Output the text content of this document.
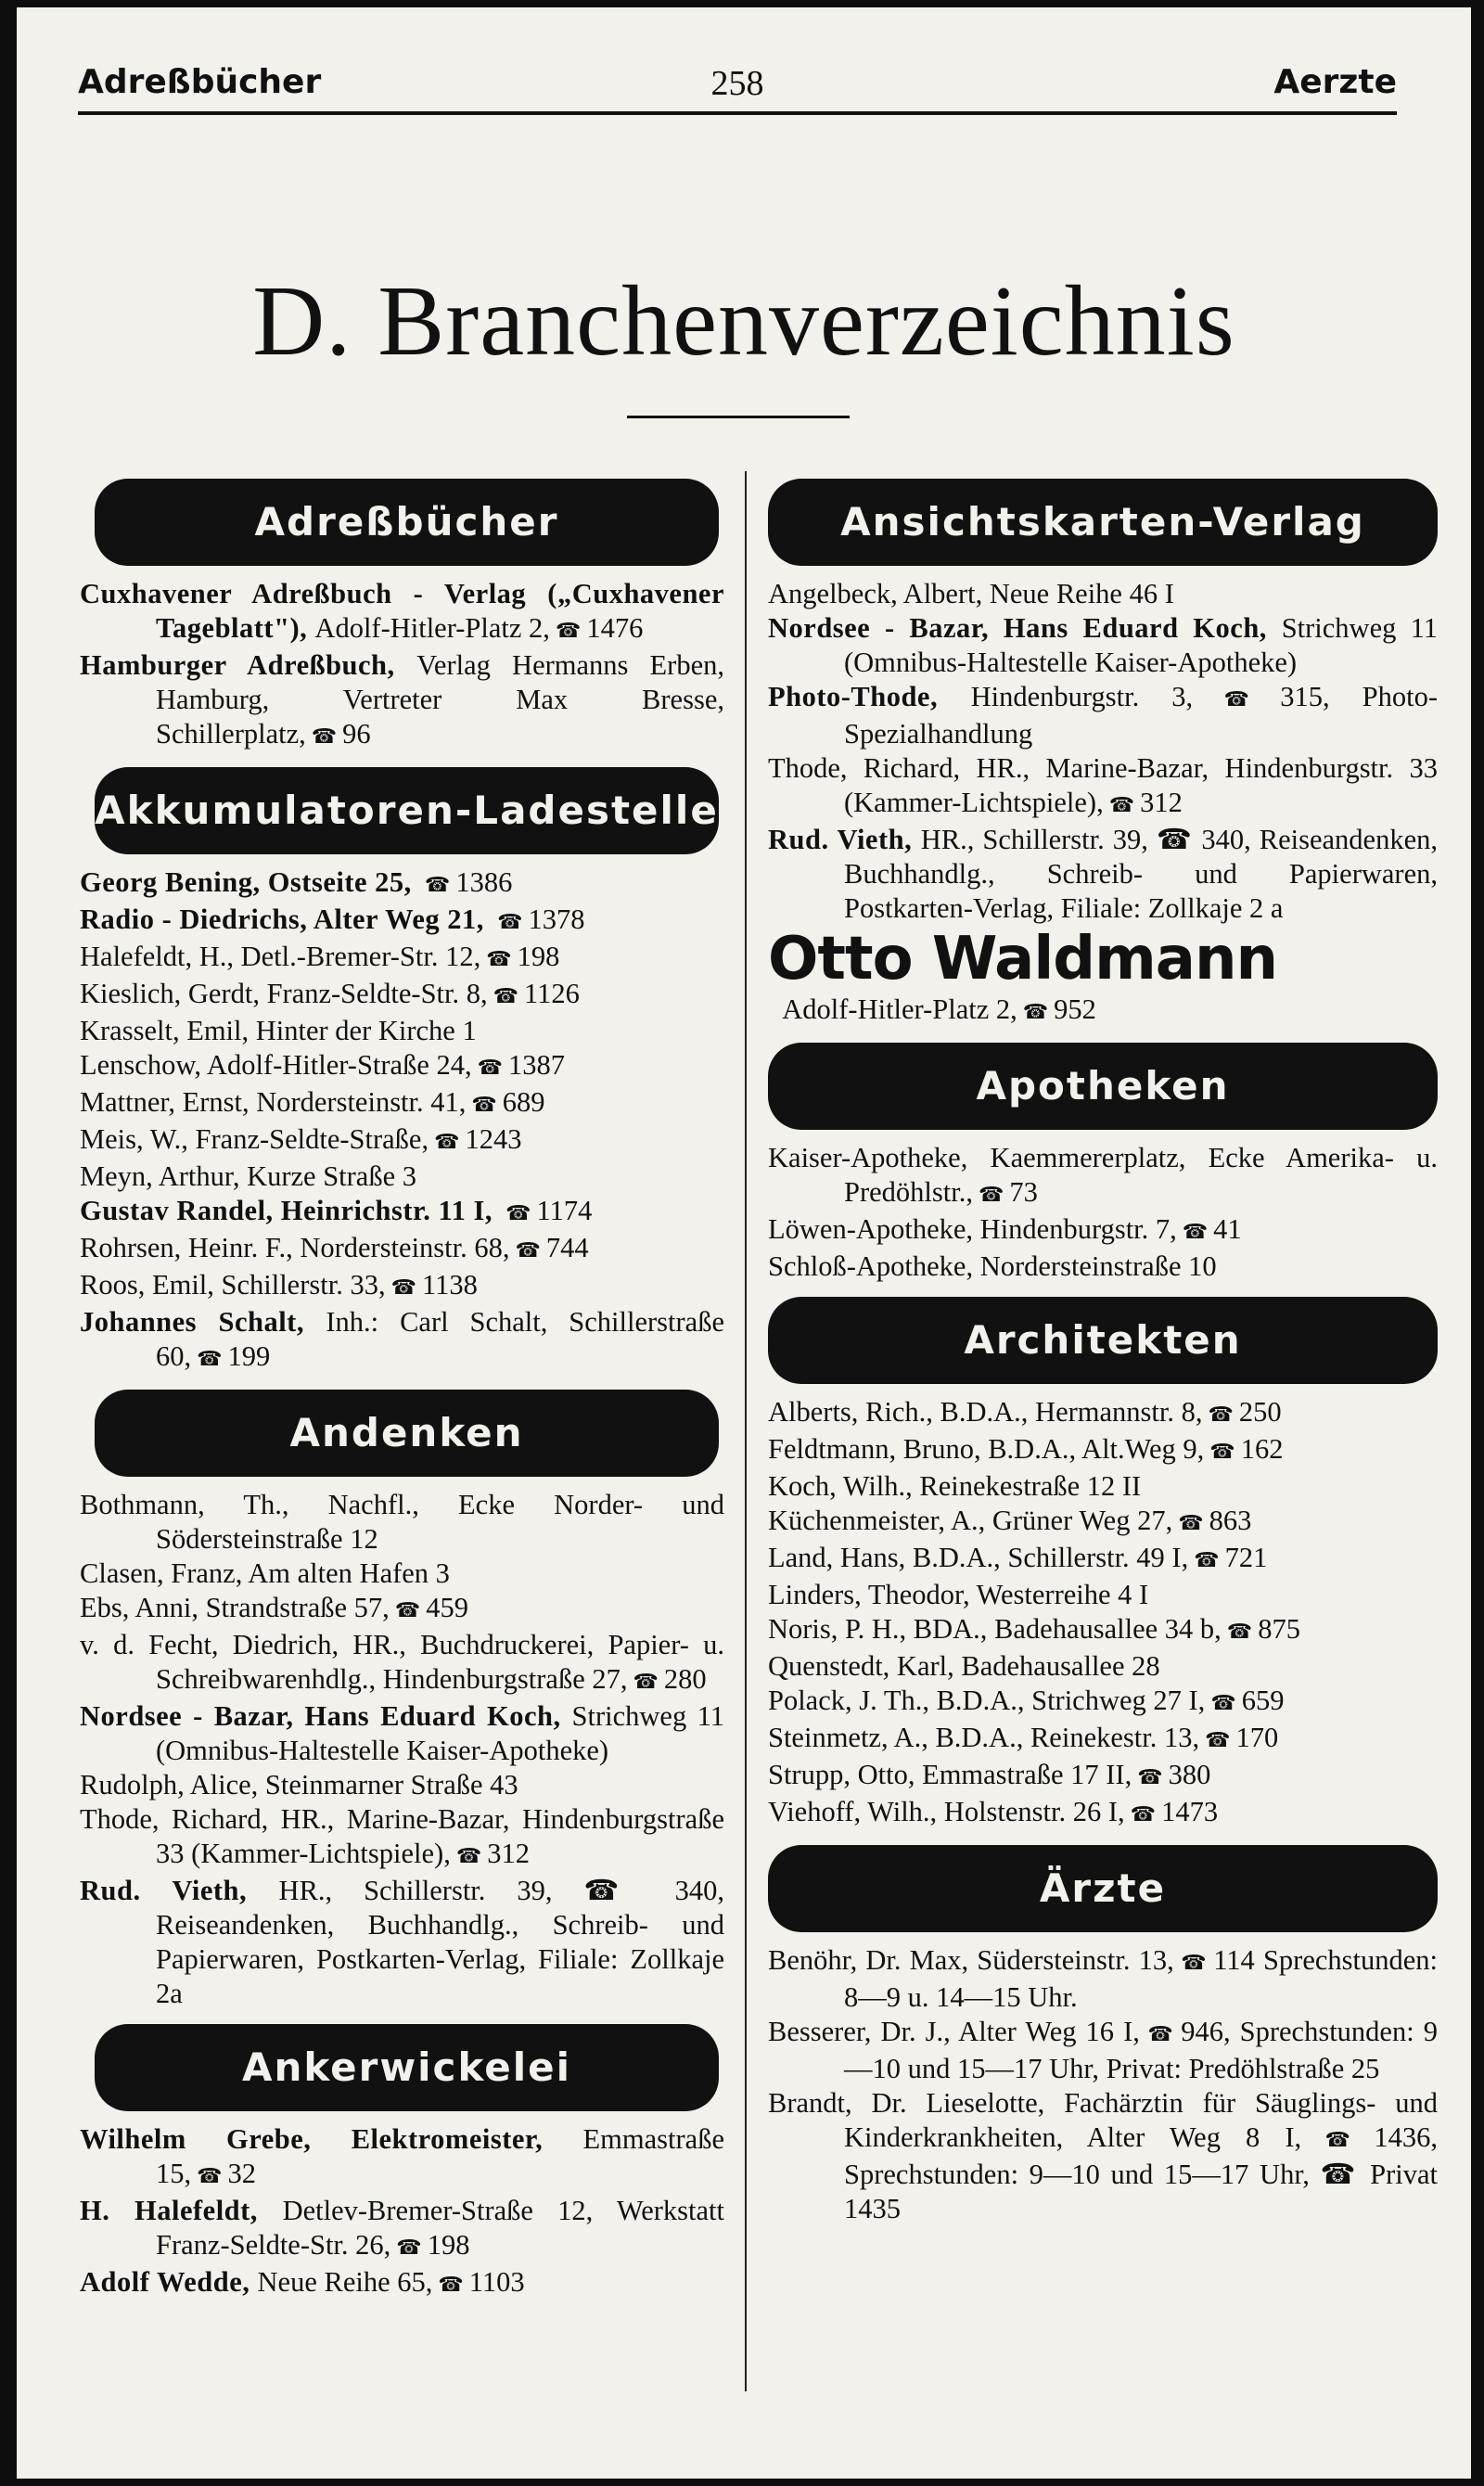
Adreßbücher	258	Aerzte
D. Branchenverzeichnis
Adreßbücher
Cuxhavener Adreßbuch - Verlag („Cuxhavener Tageblatt"), Adolf-Hitler-Platz 2, ☎ 1476
Hamburger Adreßbuch, Verlag Hermanns Erben, Hamburg, Vertreter Max Bresse, Schillerplatz, ☎ 96
Akkumulatoren-Ladestelle
Georg Bening, Ostseite 25, ☎ 1386
Radio - Diedrichs, Alter Weg 21, ☎ 1378
Halefeldt, H., Detl.-Bremer-Str. 12, ☎ 198
Kieslich, Gerdt, Franz-Seldte-Str. 8, ☎ 1126
Krasselt, Emil, Hinter der Kirche 1
Lenschow, Adolf-Hitler-Straße 24, ☎ 1387
Mattner, Ernst, Nordersteinstr. 41, ☎ 689
Meis, W., Franz-Seldte-Straße, ☎ 1243
Meyn, Arthur, Kurze Straße 3
Gustav Randel, Heinrichstr. 11 I, ☎ 1174
Rohrsen, Heinr. F., Nordersteinstr. 68, ☎ 744
Roos, Emil, Schillerstr. 33, ☎ 1138
Johannes Schalt, Inh.: Carl Schalt, Schillerstraße 60, ☎ 199
Andenken
Bothmann, Th., Nachfl., Ecke Norder- und Södersteinstraße 12
Clasen, Franz, Am alten Hafen 3
Ebs, Anni, Strandstraße 57, ☎ 459
v. d. Fecht, Diedrich, HR., Buchdruckerei, Papier- u. Schreibwarenhdlg., Hindenburgstraße 27, ☎ 280
Nordsee - Bazar, Hans Eduard Koch, Strichweg 11 (Omnibus-Haltestelle Kaiser-Apotheke)
Rudolph, Alice, Steinmarner Straße 43
Thode, Richard, HR., Marine-Bazar, Hindenburgstraße 33 (Kammer-Lichtspiele), ☎ 312
Rud. Vieth, HR., Schillerstr. 39, ☎ 340, Reiseandenken, Buchhandlg., Schreib- und Papierwaren, Postkarten-Verlag, Filiale: Zollkaje 2a
Ankerwickelei
Wilhelm Grebe, Elektromeister, Emmastraße 15, ☎ 32
H. Halefeldt, Detlev-Bremer-Straße 12, Werkstatt Franz-Seldte-Str. 26, ☎ 198
Adolf Wedde, Neue Reihe 65, ☎ 1103
Ansichtskarten-Verlag
Angelbeck, Albert, Neue Reihe 46 I
Nordsee - Bazar, Hans Eduard Koch, Strichweg 11 (Omnibus-Haltestelle Kaiser-Apotheke)
Photo-Thode, Hindenburgstr. 3, ☎ 315, Photo-Spezialhandlung
Thode, Richard, HR., Marine-Bazar, Hindenburgstr. 33 (Kammer-Lichtspiele), ☎ 312
Rud. Vieth, HR., Schillerstr. 39, ☎ 340, Reiseandenken, Buchhandlg., Schreib- und Papierwaren, Postkarten-Verlag, Filiale: Zollkaje 2 a
Otto Waldmann
Adolf-Hitler-Platz 2, ☎ 952
Apotheken
Kaiser-Apotheke, Kaemmererplatz, Ecke Amerika- u. Predöhlstr., ☎ 73
Löwen-Apotheke, Hindenburgstr. 7, ☎ 41
Schloß-Apotheke, Nordersteinstraße 10
Architekten
Alberts, Rich., B.D.A., Hermannstr. 8, ☎ 250
Feldtmann, Bruno, B.D.A., Alt.Weg 9, ☎ 162
Koch, Wilh., Reinekestraße 12 II
Küchenmeister, A., Grüner Weg 27, ☎ 863
Land, Hans, B.D.A., Schillerstr. 49 I, ☎ 721
Linders, Theodor, Westerreihe 4 I
Noris, P. H., BDA., Badehausallee 34 b, ☎ 875
Quenstedt, Karl, Badehausallee 28
Polack, J. Th., B.D.A., Strichweg 27 I, ☎ 659
Steinmetz, A., B.D.A., Reinekestr. 13, ☎ 170
Strupp, Otto, Emmastraße 17 II, ☎ 380
Viehoff, Wilh., Holstenstr. 26 I, ☎ 1473
Ärzte
Benöhr, Dr. Max, Südersteinstr. 13, ☎ 114 Sprechstunden: 8—9 u. 14—15 Uhr.
Besserer, Dr. J., Alter Weg 16 I, ☎ 946, Sprechstunden: 9—10 und 15—17 Uhr, Privat: Predöhlstraße 25
Brandt, Dr. Lieselotte, Fachärztin für Säuglings- und Kinderkrankheiten, Alter Weg 8 I, ☎ 1436, Sprechstunden: 9—10 und 15—17 Uhr, ☎ Privat 1435
